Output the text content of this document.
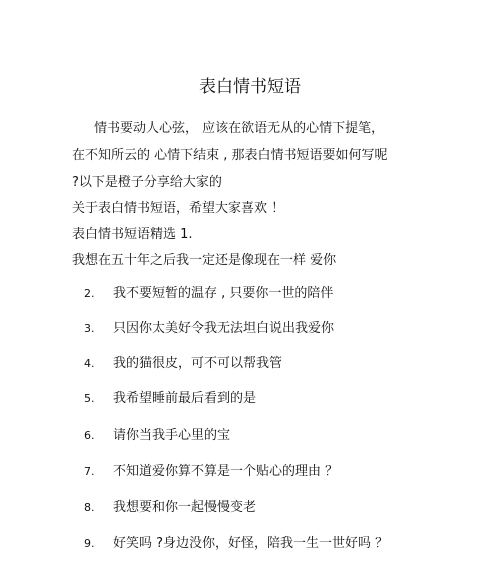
表白情书短语
情书要动人心弦， 应该在欲语无从的心情下提笔，
在不知所云的 心情下结束 , 那表白情书短语要如何写呢
?以下是橙子分享给大家的
关于表白情书短语，希望大家喜欢 ！
表白情书短语精选 1.
我想在五十年之后我一定还是像现在一样 爱你
2. 我不要短暂的温存 , 只要你一世的陪伴
3. 只因你太美好令我无法坦白说出我爱你
4. 我的猫很皮，可不可以帮我管
5. 我希望睡前最后看到的是
6. 请你当我手心里的宝
7. 不知道爱你算不算是一个贴心的理由 ？
8. 我想要和你一起慢慢变老
9. 好笑吗 ?身边没你，好怪，陪我一生一世好吗 ？
